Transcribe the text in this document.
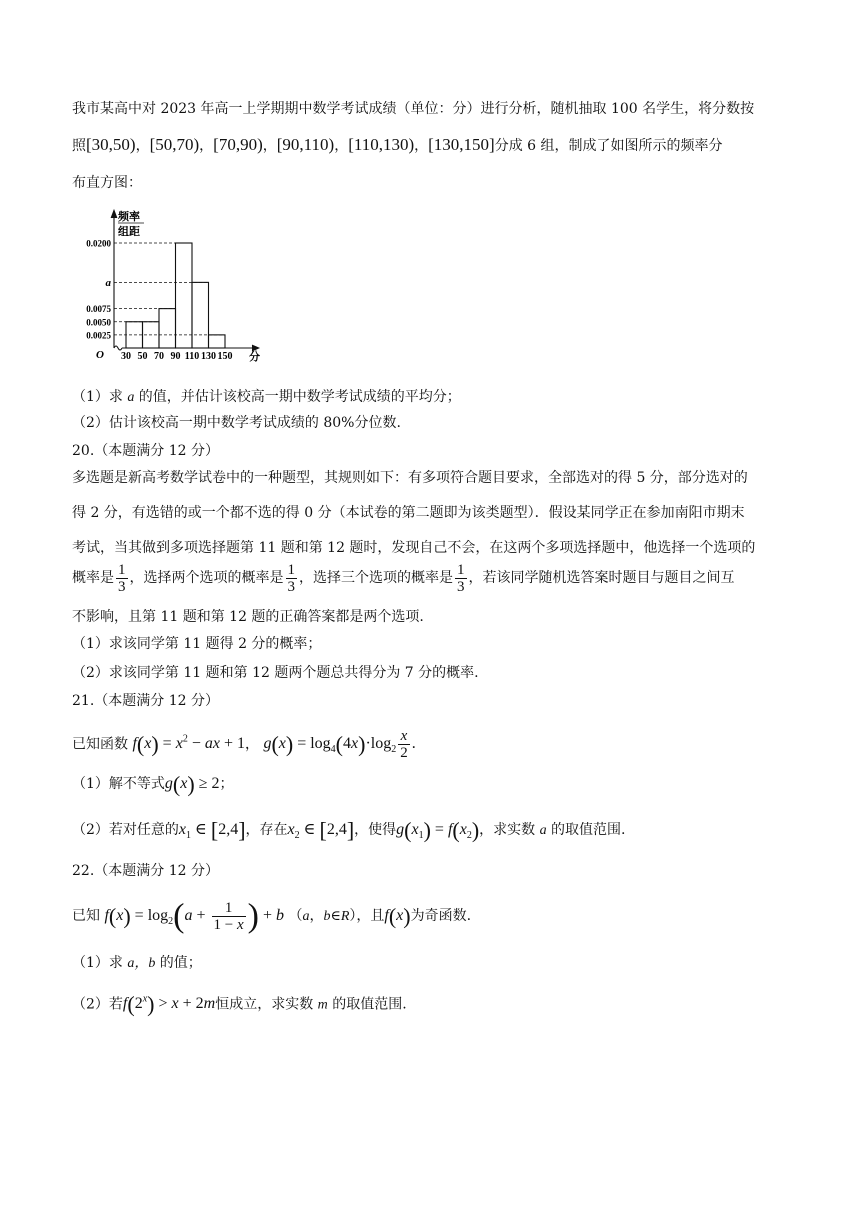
我市某高中对 2023 年高一上学期期中数学考试成绩（单位：分）进行分析，随机抽取 100 名学生，将分数按
照[30,50)，[50,70)，[70,90)，[90,110)，[110,130)，[130,150]分成 6 组，制成了如图所示的频率分
布直方图：
频率
组距
0.0200
a
0.0075
0.0050
0.0025
30 50 70 90 110 130 150 分
O
（1）求 a 的值，并估计该校高一期中数学考试成绩的平均分；
（2）估计该校高一期中数学考试成绩的 80%分位数.
20.（本题满分 12 分）
多选题是新高考数学试卷中的一种题型，其规则如下：有多项符合题目要求，全部选对的得 5 分，部分选对的
得 2 分，有选错的或一个都不选的得 0 分（本试卷的第二题即为该类题型）．假设某同学正在参加南阳市期末
考试，当其做到多项选择题第 11 题和第 12 题时，发现自己不会，在这两个多项选择题中，他选择一个选项的
概率是 $\frac{1}{3}$ ，选择两个选项的概率是 $\frac{1}{3}$ ，选择三个选项的概率是 $\frac{1}{3}$ ，若该同学随机选答案时题目与题目之间互
不影响，且第 11 题和第 12 题的正确答案都是两个选项.
（1）求该同学第 11 题得 2 分的概率；
（2）求该同学第 11 题和第 12 题两个题总共得分为 7 分的概率.
21.（本题满分 12 分）
已知函数 $f(x) = x^2$ − ax + 1， $g(x) = \log_4(4x)\cdot\log_2 \frac{x}{2}$ .
（1）解不等式g(x) ≥ 2；
（2）若对任意的$x_1$ ∈ [2,4]，存在$x_2$ ∈ [2,4]，使得$g(x_1) = f(x_2)$，求实数 a 的取值范围.
22.（本题满分 12 分）
已知 $f(x) = \log_2(a + \frac{1}{1 - x}$ ) + b （a，b∈R），且f(x)为奇函数.
（1）求 a，b 的值；
（2）若$f(2^x) > x + 2m$恒成立，求实数 m 的取值范围.
